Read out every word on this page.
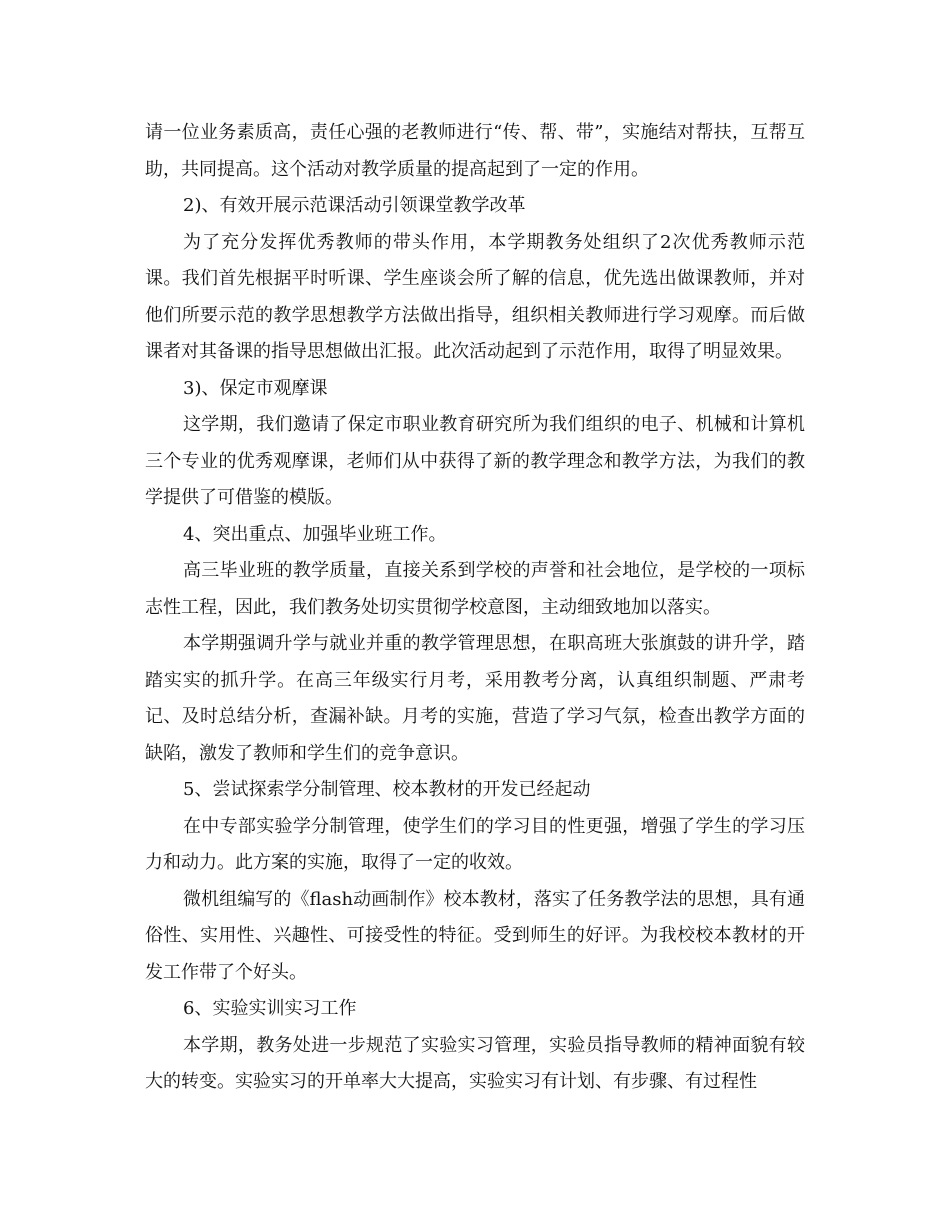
请一位业务素质高，责任心强的老教师进行“传、帮、带”，实施结对帮扶，互帮互助，共同提高。这个活动对教学质量的提高起到了一定的作用。

2)、有效开展示范课活动引领课堂教学改革

为了充分发挥优秀教师的带头作用，本学期教务处组织了2次优秀教师示范课。我们首先根据平时听课、学生座谈会所了解的信息，优先选出做课教师，并对他们所要示范的教学思想教学方法做出指导，组织相关教师进行学习观摩。而后做课者对其备课的指导思想做出汇报。此次活动起到了示范作用，取得了明显效果。

3)、保定市观摩课

这学期，我们邀请了保定市职业教育研究所为我们组织的电子、机械和计算机三个专业的优秀观摩课，老师们从中获得了新的教学理念和教学方法，为我们的教学提供了可借鉴的模版。

4、突出重点、加强毕业班工作。

高三毕业班的教学质量，直接关系到学校的声誉和社会地位，是学校的一项标志性工程，因此，我们教务处切实贯彻学校意图，主动细致地加以落实。

本学期强调升学与就业并重的教学管理思想，在职高班大张旗鼓的讲升学，踏踏实实的抓升学。在高三年级实行月考，采用教考分离，认真组织制题、严肃考记、及时总结分析，查漏补缺。月考的实施，营造了学习气氛，检查出教学方面的缺陷，激发了教师和学生们的竞争意识。

5、尝试探索学分制管理、校本教材的开发已经起动

在中专部实验学分制管理，使学生们的学习目的性更强，增强了学生的学习压力和动力。此方案的实施，取得了一定的收效。

微机组编写的《flash动画制作》校本教材，落实了任务教学法的思想，具有通俗性、实用性、兴趣性、可接受性的特征。受到师生的好评。为我校校本教材的开发工作带了个好头。

6、实验实训实习工作

本学期，教务处进一步规范了实验实习管理，实验员指导教师的精神面貌有较大的转变。实验实习的开单率大大提高，实验实习有计划、有步骤、有过程性
